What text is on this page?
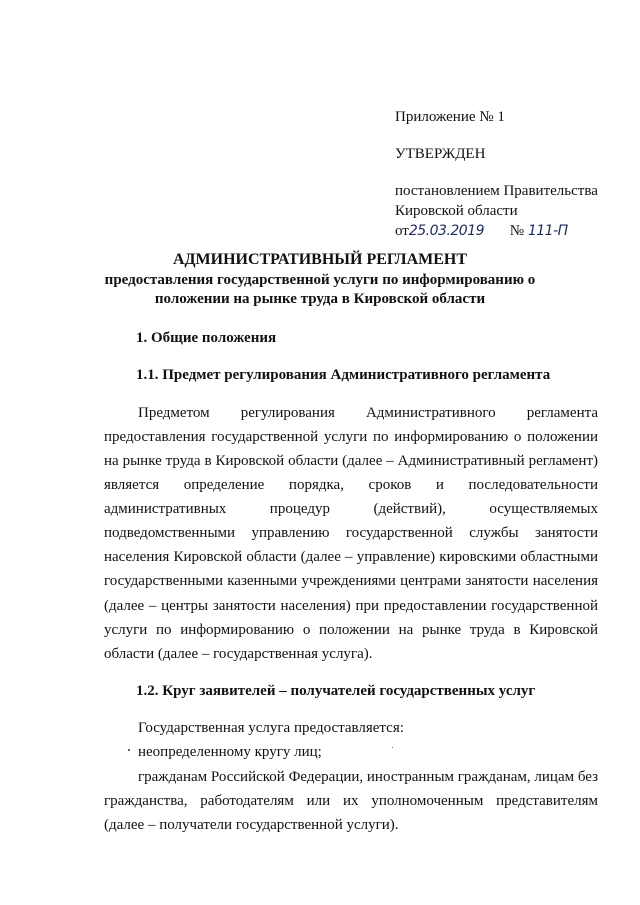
Приложение № 1
УТВЕРЖДЕН
постановлением Правительства
Кировской области
от25.03.2019 № 111-П
АДМИНИСТРАТИВНЫЙ РЕГЛАМЕНТ
предоставления государственной услуги по информированию о
положении на рынке труда в Кировской области
1. Общие положения
1.1. Предмет регулирования Административного регламента
Предметом регулирования Административного регламента
предоставления государственной услуги по информированию о положении
на рынке труда в Кировской области (далее – Административный регламент)
является определение порядка, сроков и последовательности
административных процедур (действий), осуществляемых
подведомственными управлению государственной службы занятости
населения Кировской области (далее – управление) кировскими областными
государственными казенными учреждениями центрами занятости населения
(далее – центры занятости населения) при предоставлении государственной
услуги по информированию о положении на рынке труда в Кировской
области (далее – государственная услуга).
1.2. Круг заявителей – получателей государственных услуг
Государственная услуга предоставляется:
неопределенному кругу лиц;
гражданам Российской Федерации, иностранным гражданам, лицам без
гражданства, работодателям или их уполномоченным представителям
(далее – получатели государственной услуги).
